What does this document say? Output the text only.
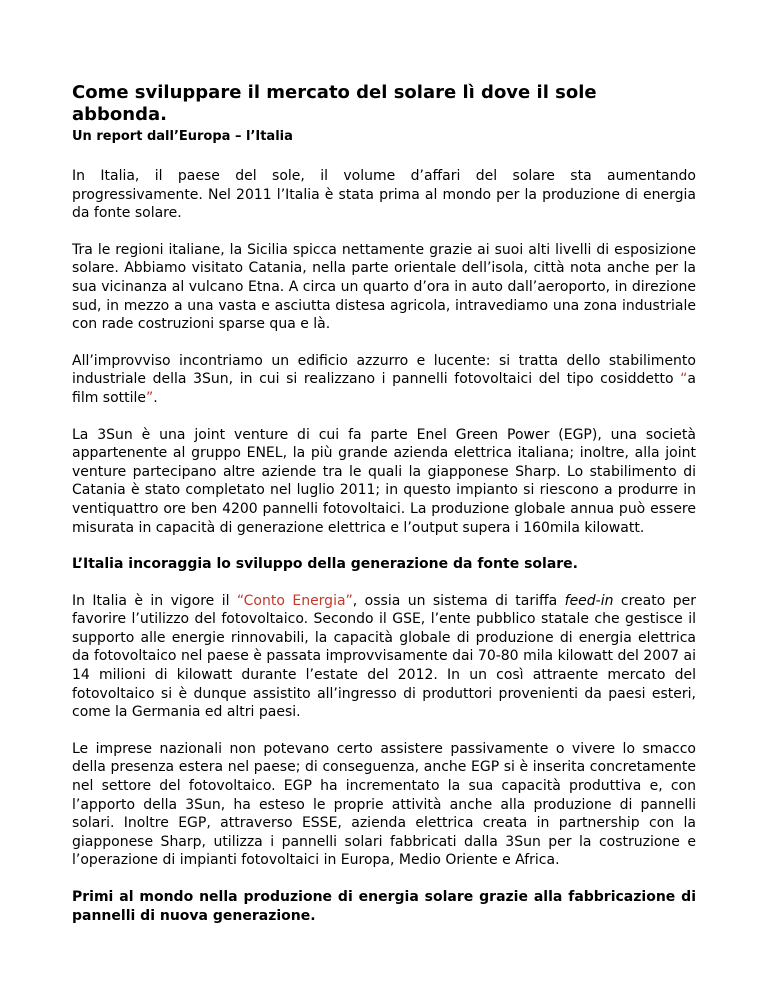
Come sviluppare il mercato del solare lì dove il sole abbonda.
Un report dall’Europa – l’Italia

In Italia, il paese del sole, il volume d’affari del solare sta aumentando progressivamente. Nel 2011 l’Italia è stata prima al mondo per la produzione di energia da fonte solare.

Tra le regioni italiane, la Sicilia spicca nettamente grazie ai suoi alti livelli di esposizione solare. Abbiamo visitato Catania, nella parte orientale dell’isola, città nota anche per la sua vicinanza al vulcano Etna. A circa un quarto d’ora in auto dall’aeroporto, in direzione sud, in mezzo a una vasta e asciutta distesa agricola, intravediamo una zona industriale con rade costruzioni sparse qua e là.

All’improvviso incontriamo un edificio azzurro e lucente: si tratta dello stabilimento industriale della 3Sun, in cui si realizzano i pannelli fotovoltaici del tipo cosiddetto “a film sottile”.

La 3Sun è una joint venture di cui fa parte Enel Green Power (EGP), una società appartenente al gruppo ENEL, la più grande azienda elettrica italiana; inoltre, alla joint venture partecipano altre aziende tra le quali la giapponese Sharp. Lo stabilimento di Catania è stato completato nel luglio 2011; in questo impianto si riescono a produrre in ventiquattro ore ben 4200 pannelli fotovoltaici. La produzione globale annua può essere misurata in capacità di generazione elettrica e l’output supera i 160mila kilowatt.

L’Italia incoraggia lo sviluppo della generazione da fonte solare.

In Italia è in vigore il “Conto Energia”, ossia un sistema di tariffa feed-in creato per favorire l’utilizzo del fotovoltaico. Secondo il GSE, l’ente pubblico statale che gestisce il supporto alle energie rinnovabili, la capacità globale di produzione di energia elettrica da fotovoltaico nel paese è passata improvvisamente dai 70-80 mila kilowatt del 2007 ai 14 milioni di kilowatt durante l’estate del 2012. In un così attraente mercato del fotovoltaico si è dunque assistito all’ingresso di produttori provenienti da paesi esteri, come la Germania ed altri paesi.

Le imprese nazionali non potevano certo assistere passivamente o vivere lo smacco della presenza estera nel paese; di conseguenza, anche EGP si è inserita concretamente nel settore del fotovoltaico. EGP ha incrementato la sua capacità produttiva e, con l’apporto della 3Sun, ha esteso le proprie attività anche alla produzione di pannelli solari. Inoltre EGP, attraverso ESSE, azienda elettrica creata in partnership con la giapponese Sharp, utilizza i pannelli solari fabbricati dalla 3Sun per la costruzione e l’operazione di impianti fotovoltaici in Europa, Medio Oriente e Africa.

Primi al mondo nella produzione di energia solare grazie alla fabbricazione di pannelli di nuova generazione.
